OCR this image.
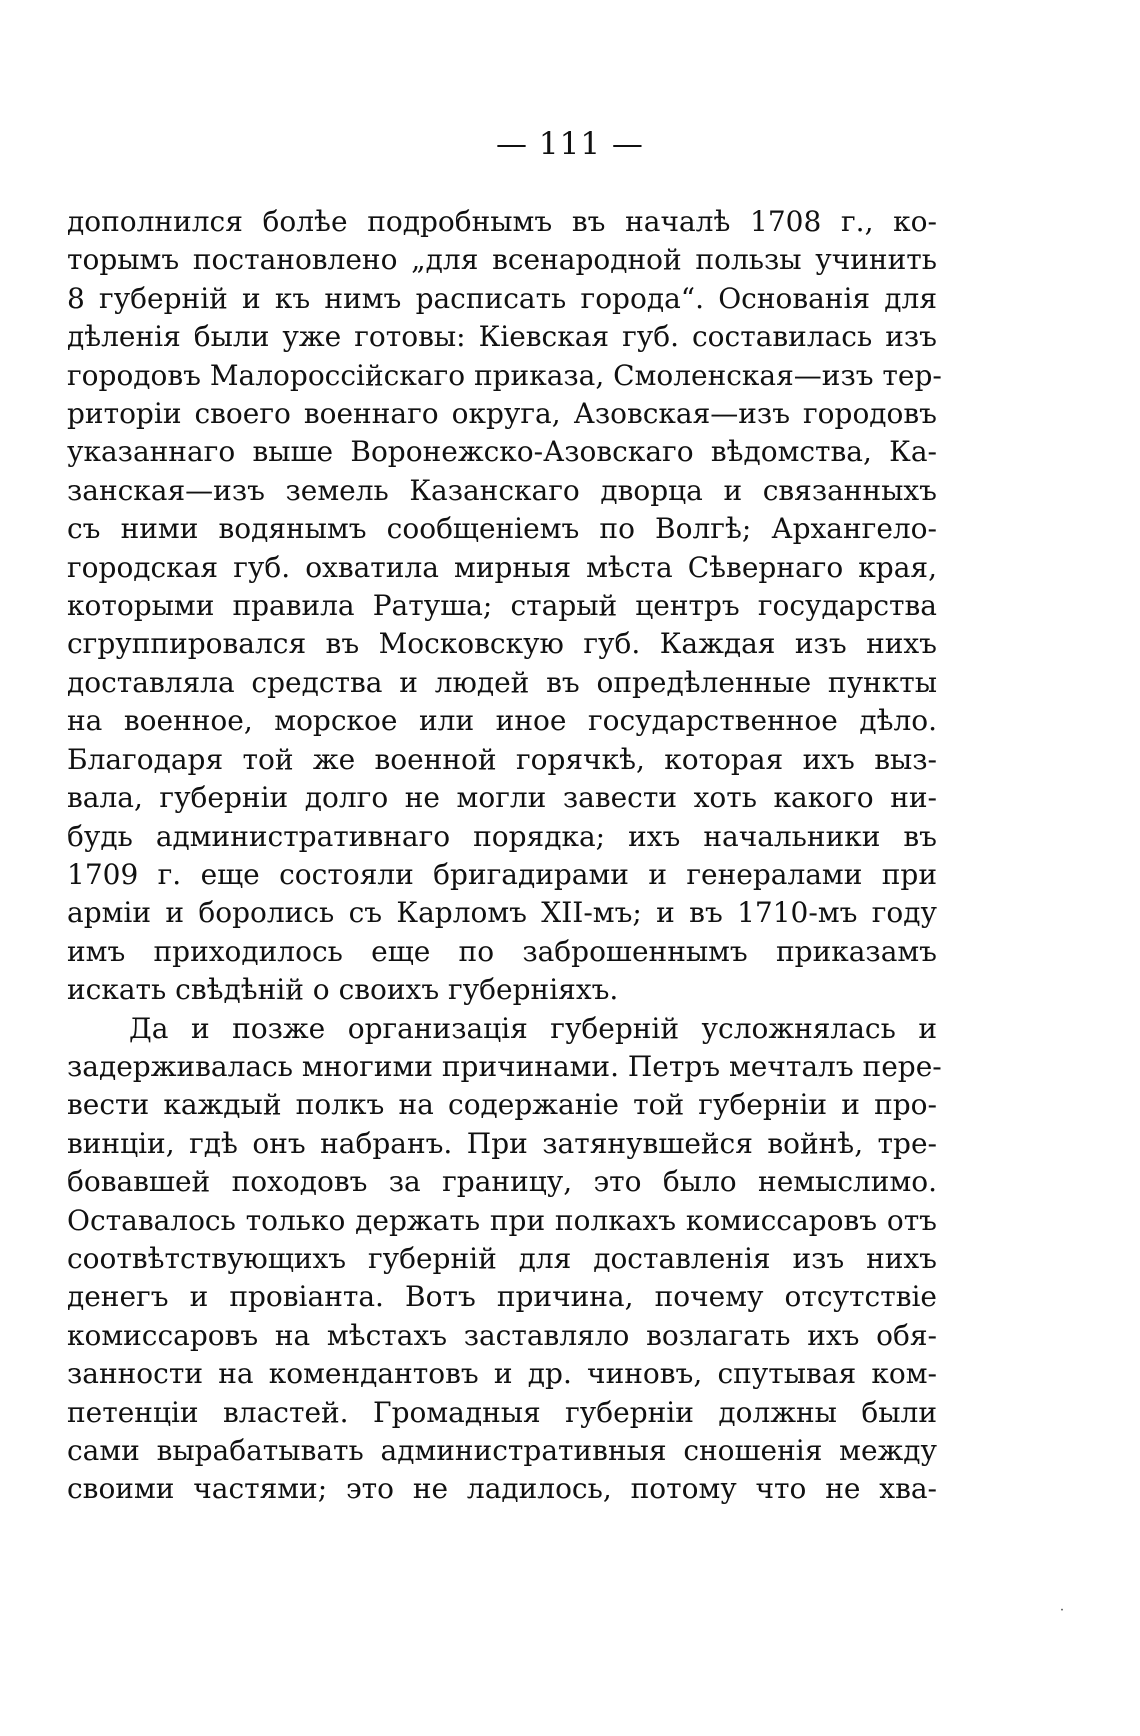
— 111 —
дополнился болѣе подробнымъ въ началѣ 1708 г., ко-
торымъ постановлено „для всенародной пользы учинить
8 губерній и къ нимъ расписать города“. Основанія для
дѣленія были уже готовы: Кіевская губ. составилась изъ
городовъ Малороссійскаго приказа, Смоленская—изъ тер-
риторіи своего военнаго округа, Азовская—изъ городовъ
указаннаго выше Воронежско-Азовскаго вѣдомства, Ка-
занская—изъ земель Казанскаго дворца и связанныхъ
съ ними водянымъ сообщеніемъ по Волгѣ; Архангело-
городская губ. охватила мирныя мѣста Сѣвернаго края,
которыми правила Ратуша; старый центръ государства
сгруппировался въ Московскую губ. Каждая изъ нихъ
доставляла средства и людей въ опредѣленные пункты
на военное, морское или иное государственное дѣло.
Благодаря той же военной горячкѣ, которая ихъ выз-
вала, губерніи долго не могли завести хоть какого ни-
будь административнаго порядка; ихъ начальники въ
1709 г. еще состояли бригадирами и генералами при
арміи и боролись съ Карломъ XII-мъ; и въ 1710-мъ году
имъ приходилось еще по заброшеннымъ приказамъ
искать свѣдѣній о своихъ губерніяхъ.
Да и позже организація губерній усложнялась и
задерживалась многими причинами. Петръ мечталъ пере-
вести каждый полкъ на содержаніе той губерніи и про-
винціи, гдѣ онъ набранъ. При затянувшейся войнѣ, тре-
бовавшей походовъ за границу, это было немыслимо.
Оставалось только держать при полкахъ комиссаровъ отъ
соотвѣтствующихъ губерній для доставленія изъ нихъ
денегъ и провіанта. Вотъ причина, почему отсутствіе
комиссаровъ на мѣстахъ заставляло возлагать ихъ обя-
занности на комендантовъ и др. чиновъ, спутывая ком-
петенціи властей. Громадныя губерніи должны были
сами вырабатывать административныя сношенія между
своими частями; это не ладилось, потому что не хва-
˙
